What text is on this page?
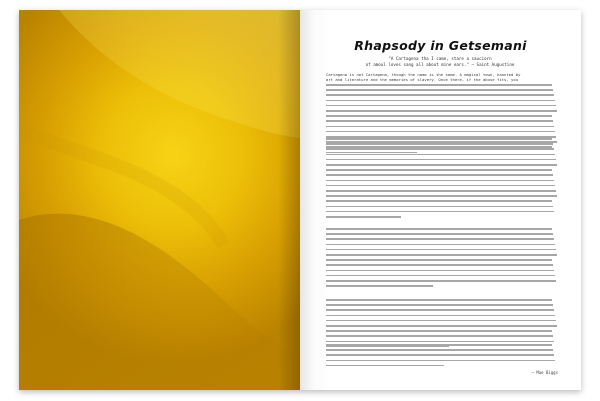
Rhapsody in Getsemani
"A Cartagena tha I came, stare a sauciorn
of amoul loves sang all about mine ears." — Saint Augustine
Cartagena is not Cartagena, though the name is the same. A magical town, haunted by
art and literature and the memories of slavery. Once there, if the abuse fits, you
— Mae Biggs
